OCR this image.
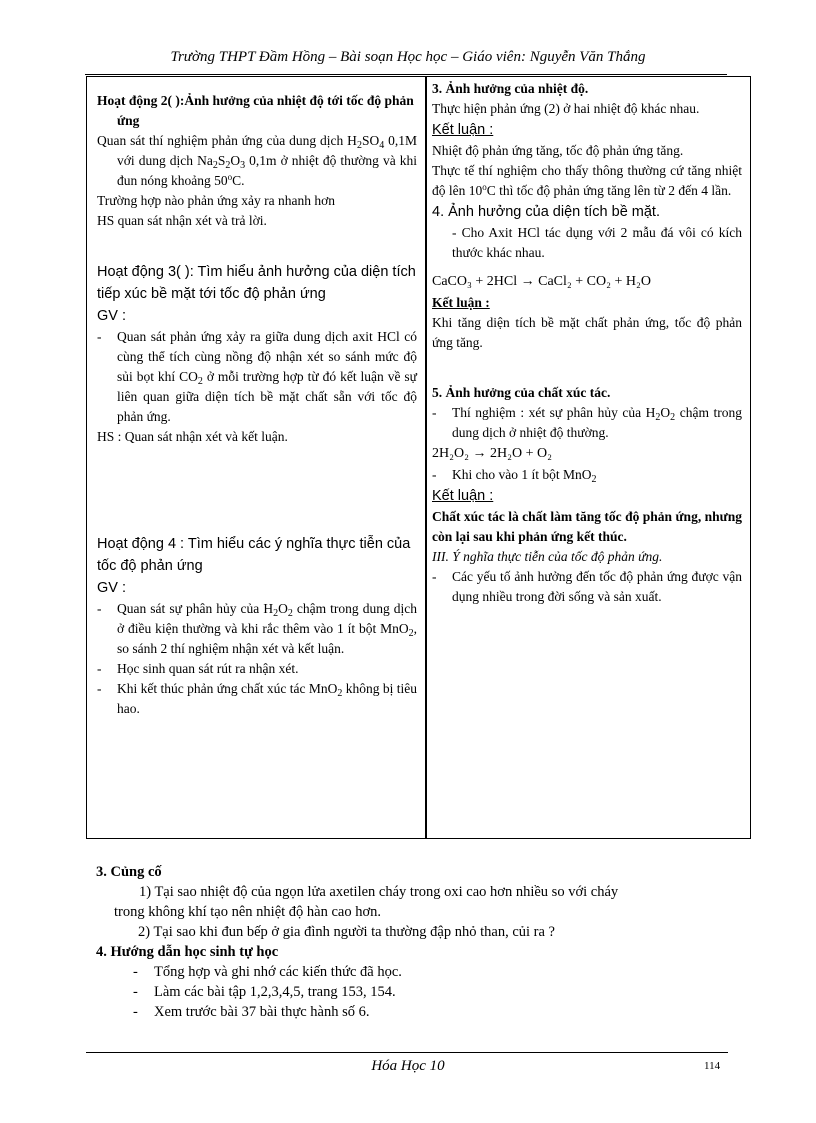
Trường THPT Đầm Hồng – Bài soạn Học học – Giáo viên: Nguyễn Văn Thắng

Hoạt động 2( ):Ảnh hưởng của nhiệt độ tới tốc độ phản ứng

Quan sát thí nghiệm phản ứng của dung dịch $H_2SO_4$ 0,1M với dung dịch $Na_2S_2O_3$ 0,1m ở nhiệt độ thường và khi đun nóng khoảng 50$^o$C.

Trường hợp nào phản ứng xảy ra nhanh hơn

HS quan sát nhận xét và trả lời.

Hoạt động 3( ): Tìm hiểu ảnh hưởng của diện tích tiếp xúc bề mặt tới tốc độ phản ứng

GV :

- Quan sát phản ứng xảy ra giữa dung dịch axit HCl có cùng thể tích cùng nồng độ nhận xét so sánh mức độ sủi bọt khí $CO_2$ ở mỗi trường hợp từ đó kết luận về sự liên quan giữa diện tích bề mặt chất sẵn với tốc độ phản ứng.

HS : Quan sát nhận xét và kết luận.

Hoạt động 4 : Tìm hiểu các ý nghĩa thực tiễn của tốc độ phản ứng

GV :

- Quan sát sự phân hủy của $H_2O_2$ chậm trong dung dịch ở điều kiện thường và khi rắc thêm vào 1 ít bột MnO$_2$, so sánh 2 thí nghiệm nhận xét và kết luận.
- Học sinh quan sát rút ra nhận xét.
- Khi kết thúc phản ứng chất xúc tác MnO$_2$ không bị tiêu hao.

3. Ảnh hưởng của nhiệt độ.

Thực hiện phản ứng (2) ở hai nhiệt độ khác nhau.

Kết luận :

Nhiệt độ phản ứng tăng, tốc độ phản ứng tăng.

Thực tế thí nghiệm cho thấy thông thường cứ tăng nhiệt độ lên 10$^o$C thì tốc độ phản ứng tăng lên từ 2 đến 4 lần.

4. Ảnh hưởng của diện tích bề mặt.

- Cho Axit HCl tác dụng với 2 mẫu đá vôi có kích thước khác nhau.

CaCO₃ + 2HCl → CaCl₂ + CO₂ + H₂O

Kết luận :

Khi tăng diện tích bề mặt chất phản ứng, tốc độ phản ứng tăng.

5. Ảnh hưởng của chất xúc tác.

- Thí nghiệm : xét sự phân hủy của $H_2O_2$ chậm trong dung dịch ở nhiệt độ thường.

2H₂O₂ → 2H₂O + O₂

- Khi cho vào 1 ít bột MnO$_2$

Kết luận :

Chất xúc tác là chất làm tăng tốc độ phản ứng, nhưng còn lại sau khi phản ứng kết thúc.

III. Ý nghĩa thực tiễn của tốc độ phản ứng.

- Các yếu tố ảnh hưởng đến tốc độ phản ứng được vận dụng nhiều trong đời sống và sản xuất.

3. Củng cố

1) Tại sao nhiệt độ của ngọn lửa axetilen cháy trong oxi cao hơn nhiều so với cháy

trong không khí tạo nên nhiệt độ hàn cao hơn.

2) Tại sao khi đun bếp ở gia đình người ta thường đập nhỏ than, củi ra ?

4. Hướng dẫn học sinh tự học

- Tổng hợp và ghi nhớ các kiến thức đã học.
- Làm các bài tập 1,2,3,4,5, trang 153, 154.
- Xem trước bài 37 bài thực hành số 6.
Hóa Học 10	114
